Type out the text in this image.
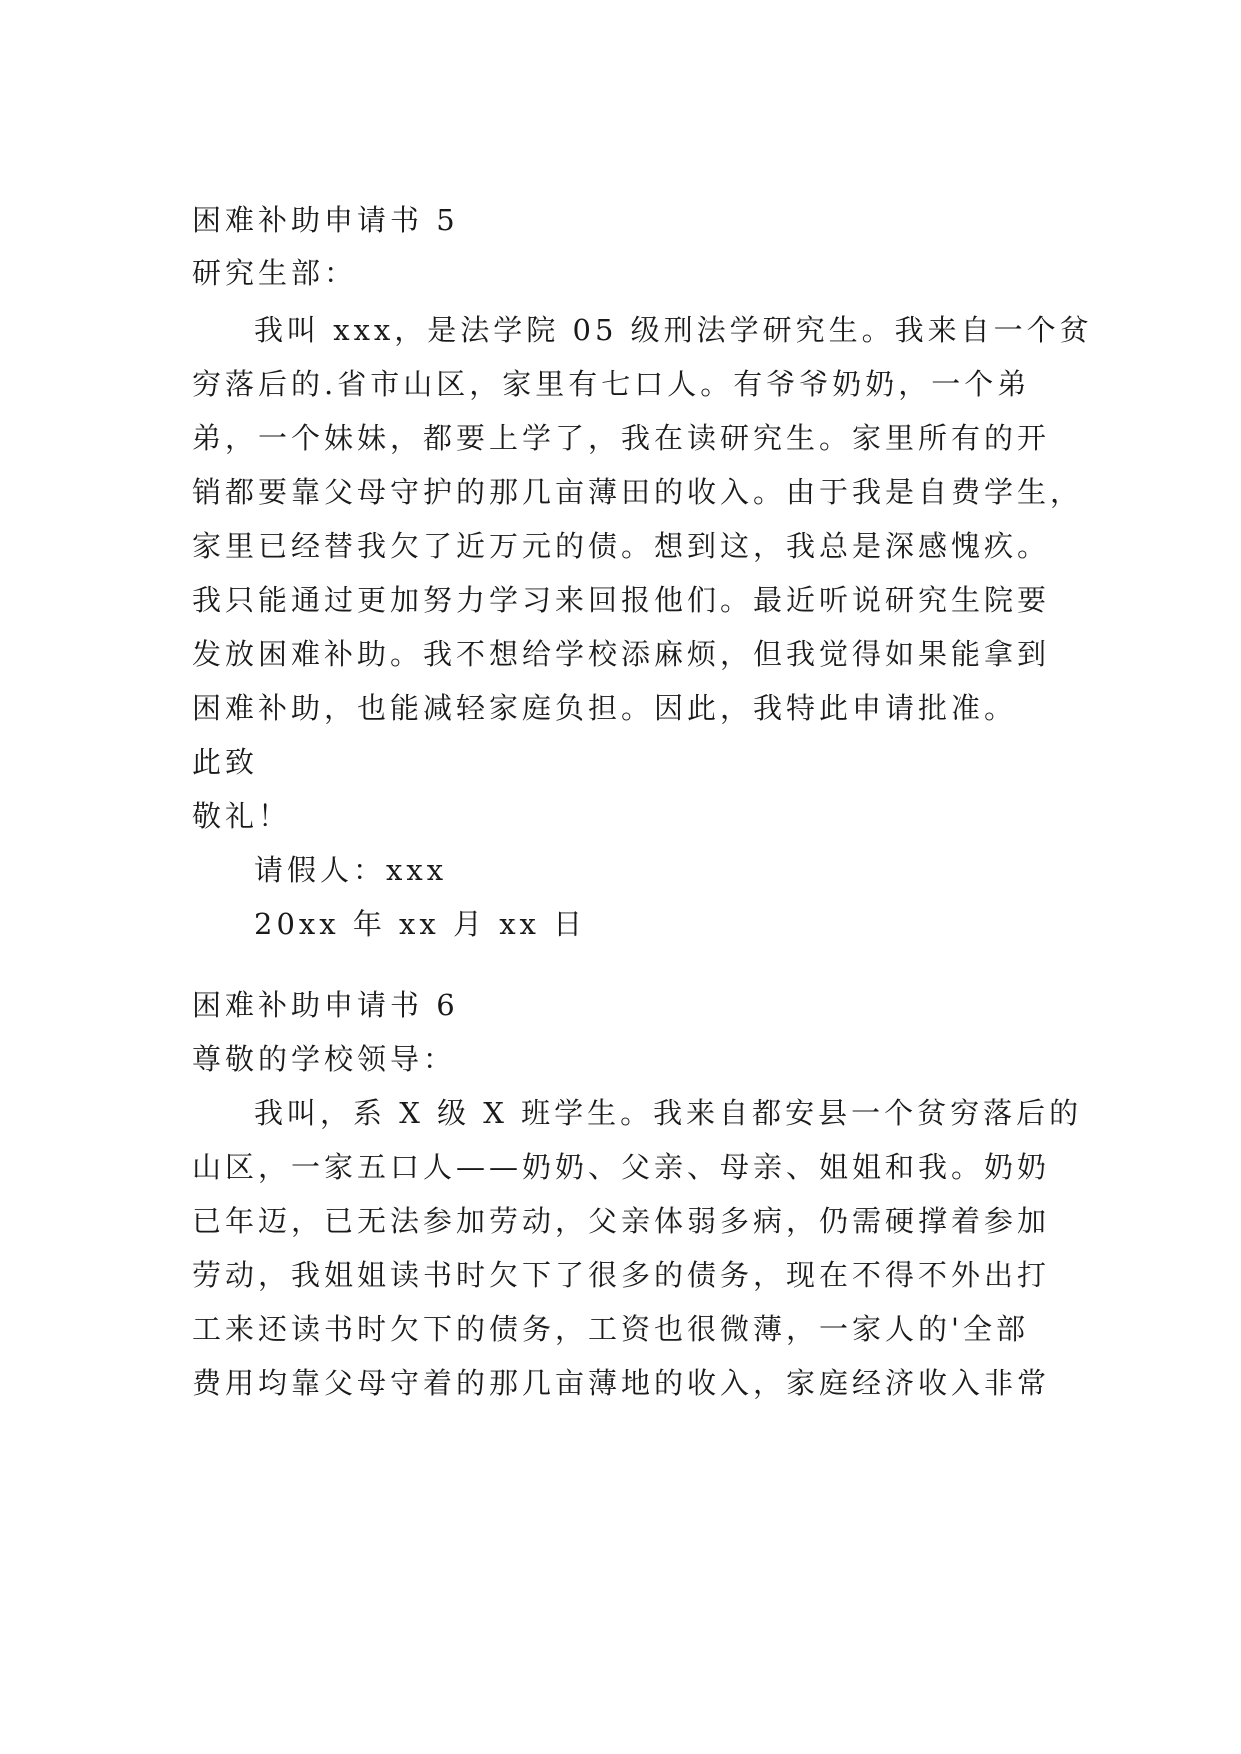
困难补助申请书 5
研究生部：
我叫 xxx，是法学院 05 级刑法学研究生。我来自一个贫
穷落后的.省市山区，家里有七口人。有爷爷奶奶，一个弟
弟，一个妹妹，都要上学了，我在读研究生。家里所有的开
销都要靠父母守护的那几亩薄田的收入。由于我是自费学生，
家里已经替我欠了近万元的债。想到这，我总是深感愧疚。
我只能通过更加努力学习来回报他们。最近听说研究生院要
发放困难补助。我不想给学校添麻烦，但我觉得如果能拿到
困难补助，也能减轻家庭负担。因此，我特此申请批准。
此致
敬礼！
请假人：xxx
20xx 年 xx 月 xx 日
困难补助申请书 6
尊敬的学校领导：
我叫，系 X 级 X 班学生。我来自都安县一个贫穷落后的
山区，一家五口人——奶奶、父亲、母亲、姐姐和我。奶奶
已年迈，已无法参加劳动，父亲体弱多病，仍需硬撑着参加
劳动，我姐姐读书时欠下了很多的债务，现在不得不外出打
工来还读书时欠下的债务，工资也很微薄，一家人的'全部
费用均靠父母守着的那几亩薄地的收入，家庭经济收入非常
